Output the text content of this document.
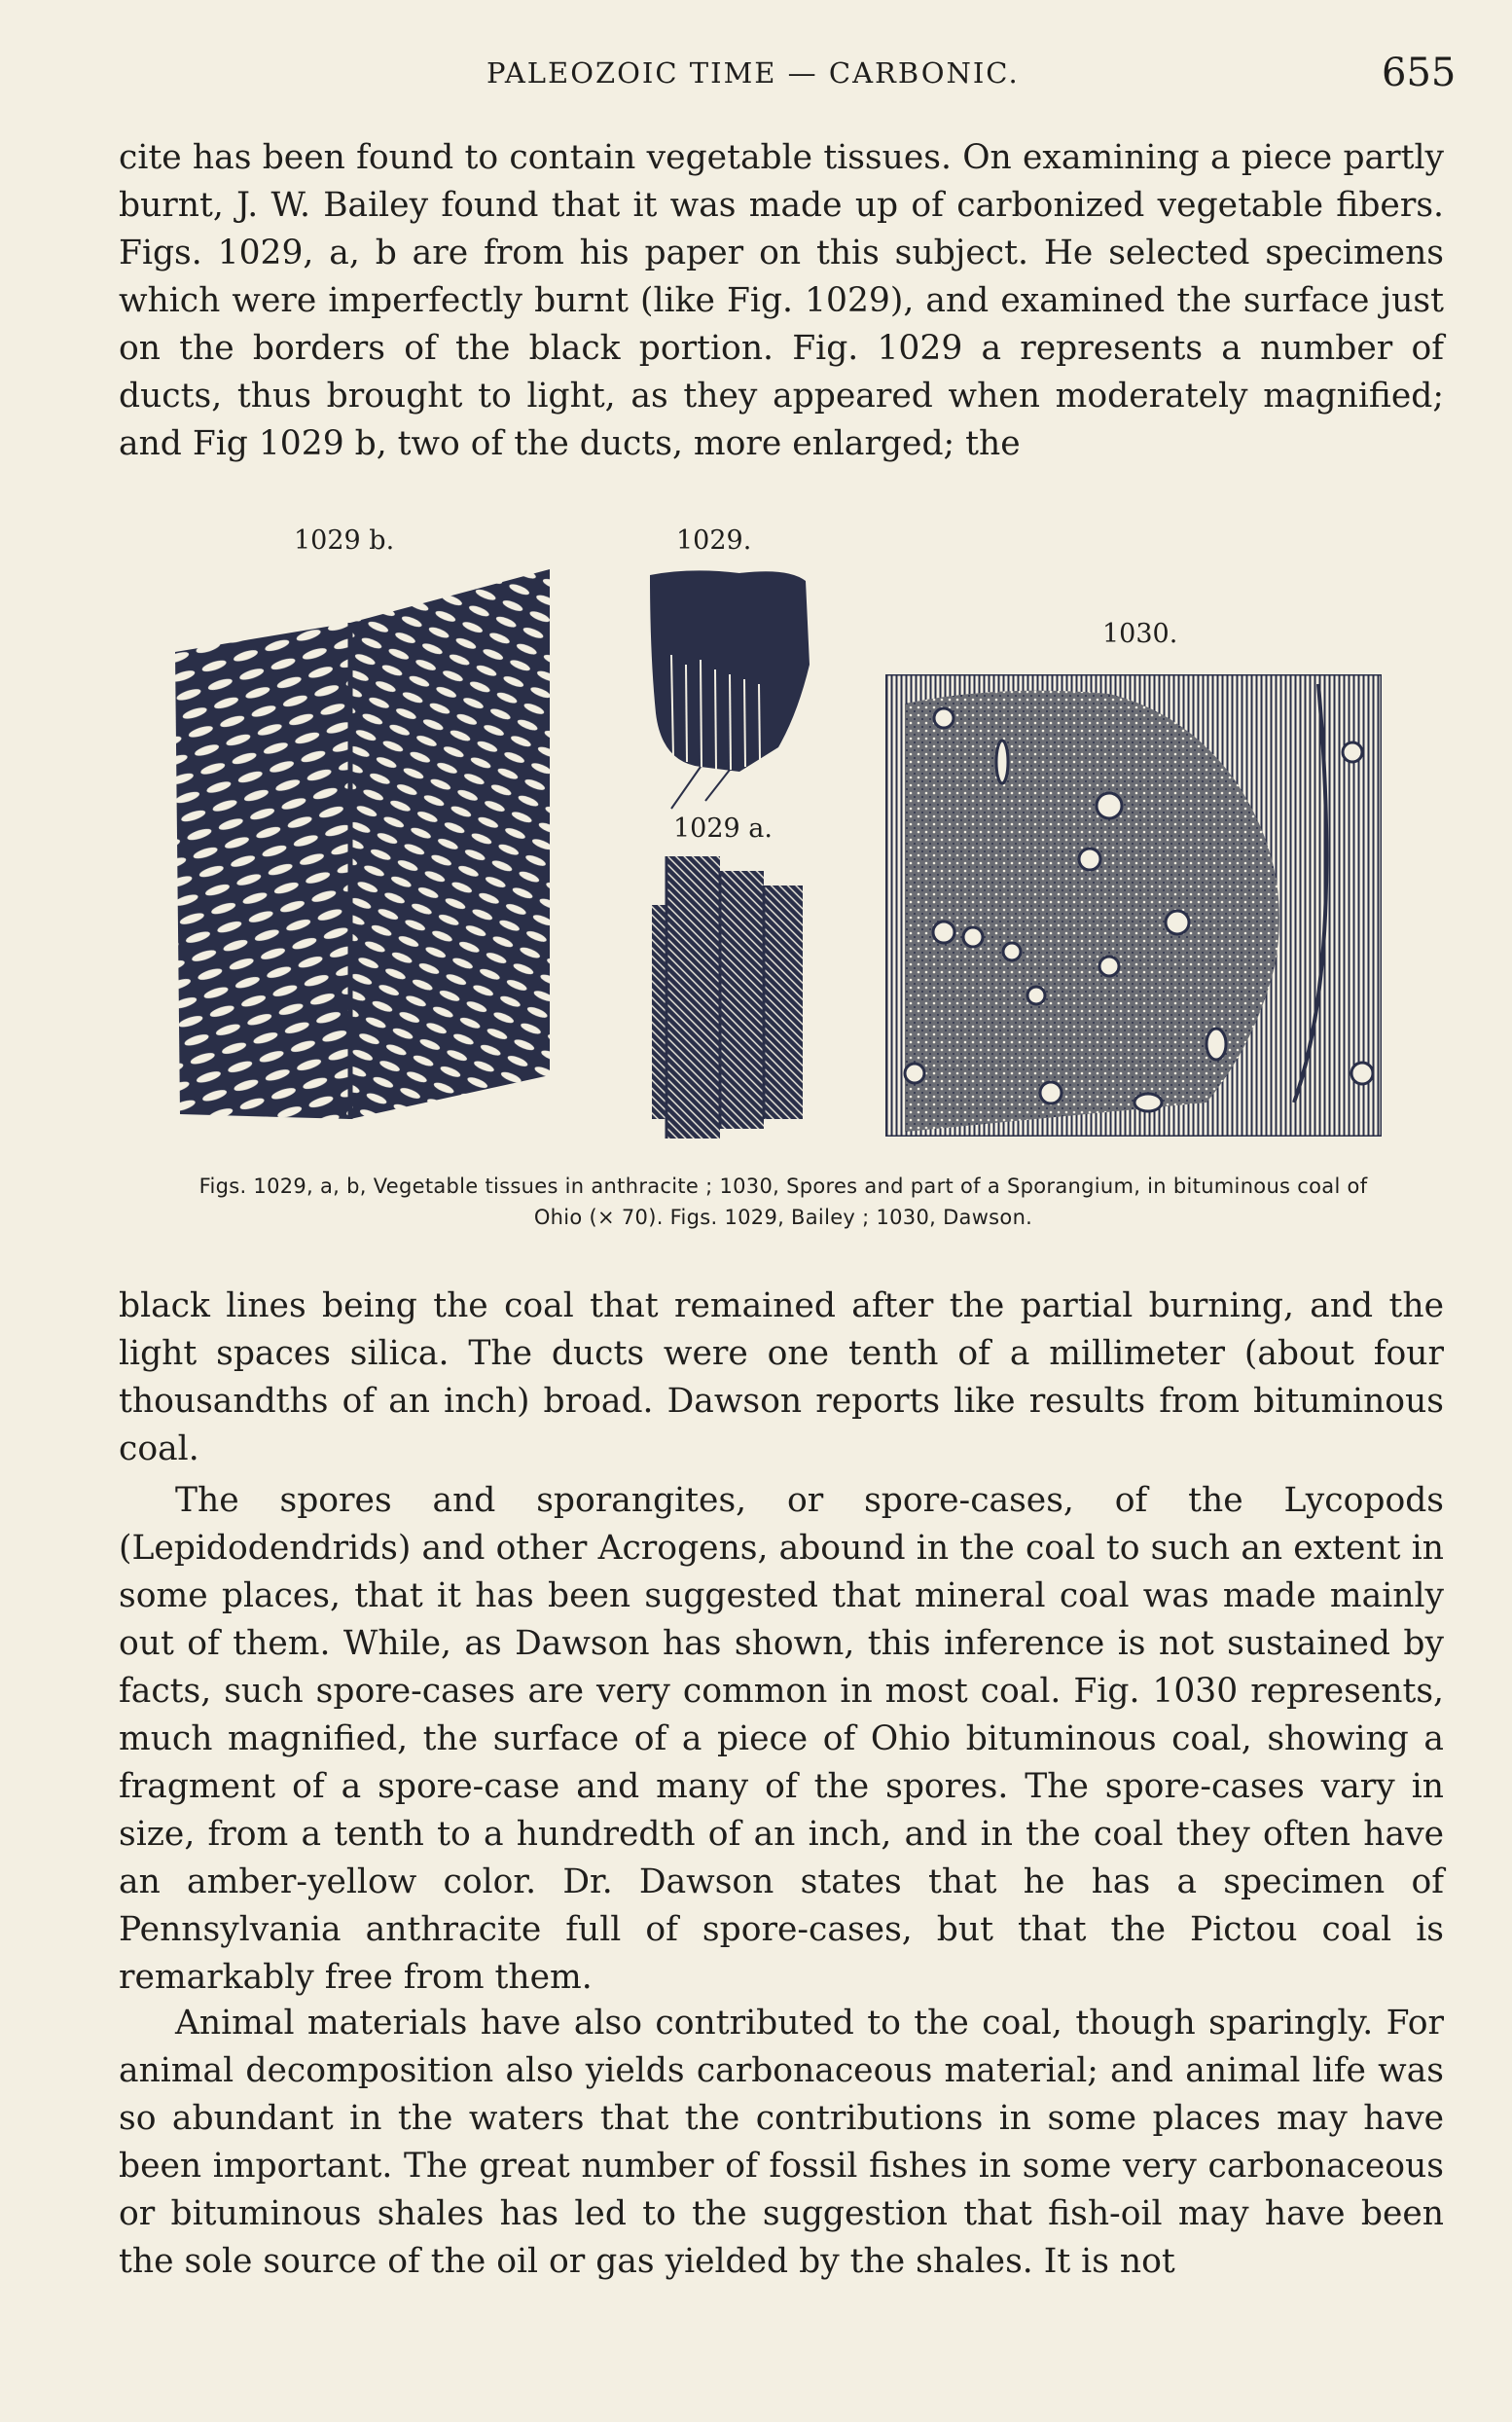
PALEOZOIC TIME — CARBONIC.	655

cite has been found to contain vegetable tissues. On examining a piece partly burnt, J. W. Bailey found that it was made up of carbonized vegetable fibers. Figs. 1029, a, b are from his paper on this subject. He selected specimens which were imperfectly burnt (like Fig. 1029), and examined the surface just on the borders of the black portion. Fig. 1029 a represents a number of ducts, thus brought to light, as they appeared when moderately magnified; and Fig 1029 b, two of the ducts, more enlarged; the

1029 b.	1029.
1030.
1029 a.
Figs. 1029, a, b, Vegetable tissues in anthracite ; 1030, Spores and part of a Sporangium, in bituminous coal of
Ohio (× 70). Figs. 1029, Bailey ; 1030, Dawson.

black lines being the coal that remained after the partial burning, and the light spaces silica. The ducts were one tenth of a millimeter (about four thousandths of an inch) broad. Dawson reports like results from bituminous coal.

The spores and sporangites, or spore-cases, of the Lycopods (Lepidodendrids) and other Acrogens, abound in the coal to such an extent in some places, that it has been suggested that mineral coal was made mainly out of them. While, as Dawson has shown, this inference is not sustained by facts, such spore-cases are very common in most coal. Fig. 1030 represents, much magnified, the surface of a piece of Ohio bituminous coal, showing a fragment of a spore-case and many of the spores. The spore-cases vary in size, from a tenth to a hundredth of an inch, and in the coal they often have an amber-yellow color. Dr. Dawson states that he has a specimen of Pennsylvania anthracite full of spore-cases, but that the Pictou coal is remarkably free from them.

Animal materials have also contributed to the coal, though sparingly. For animal decomposition also yields carbonaceous material; and animal life was so abundant in the waters that the contributions in some places may have been important. The great number of fossil fishes in some very carbonaceous or bituminous shales has led to the suggestion that fish-oil may have been the sole source of the oil or gas yielded by the shales. It is not
